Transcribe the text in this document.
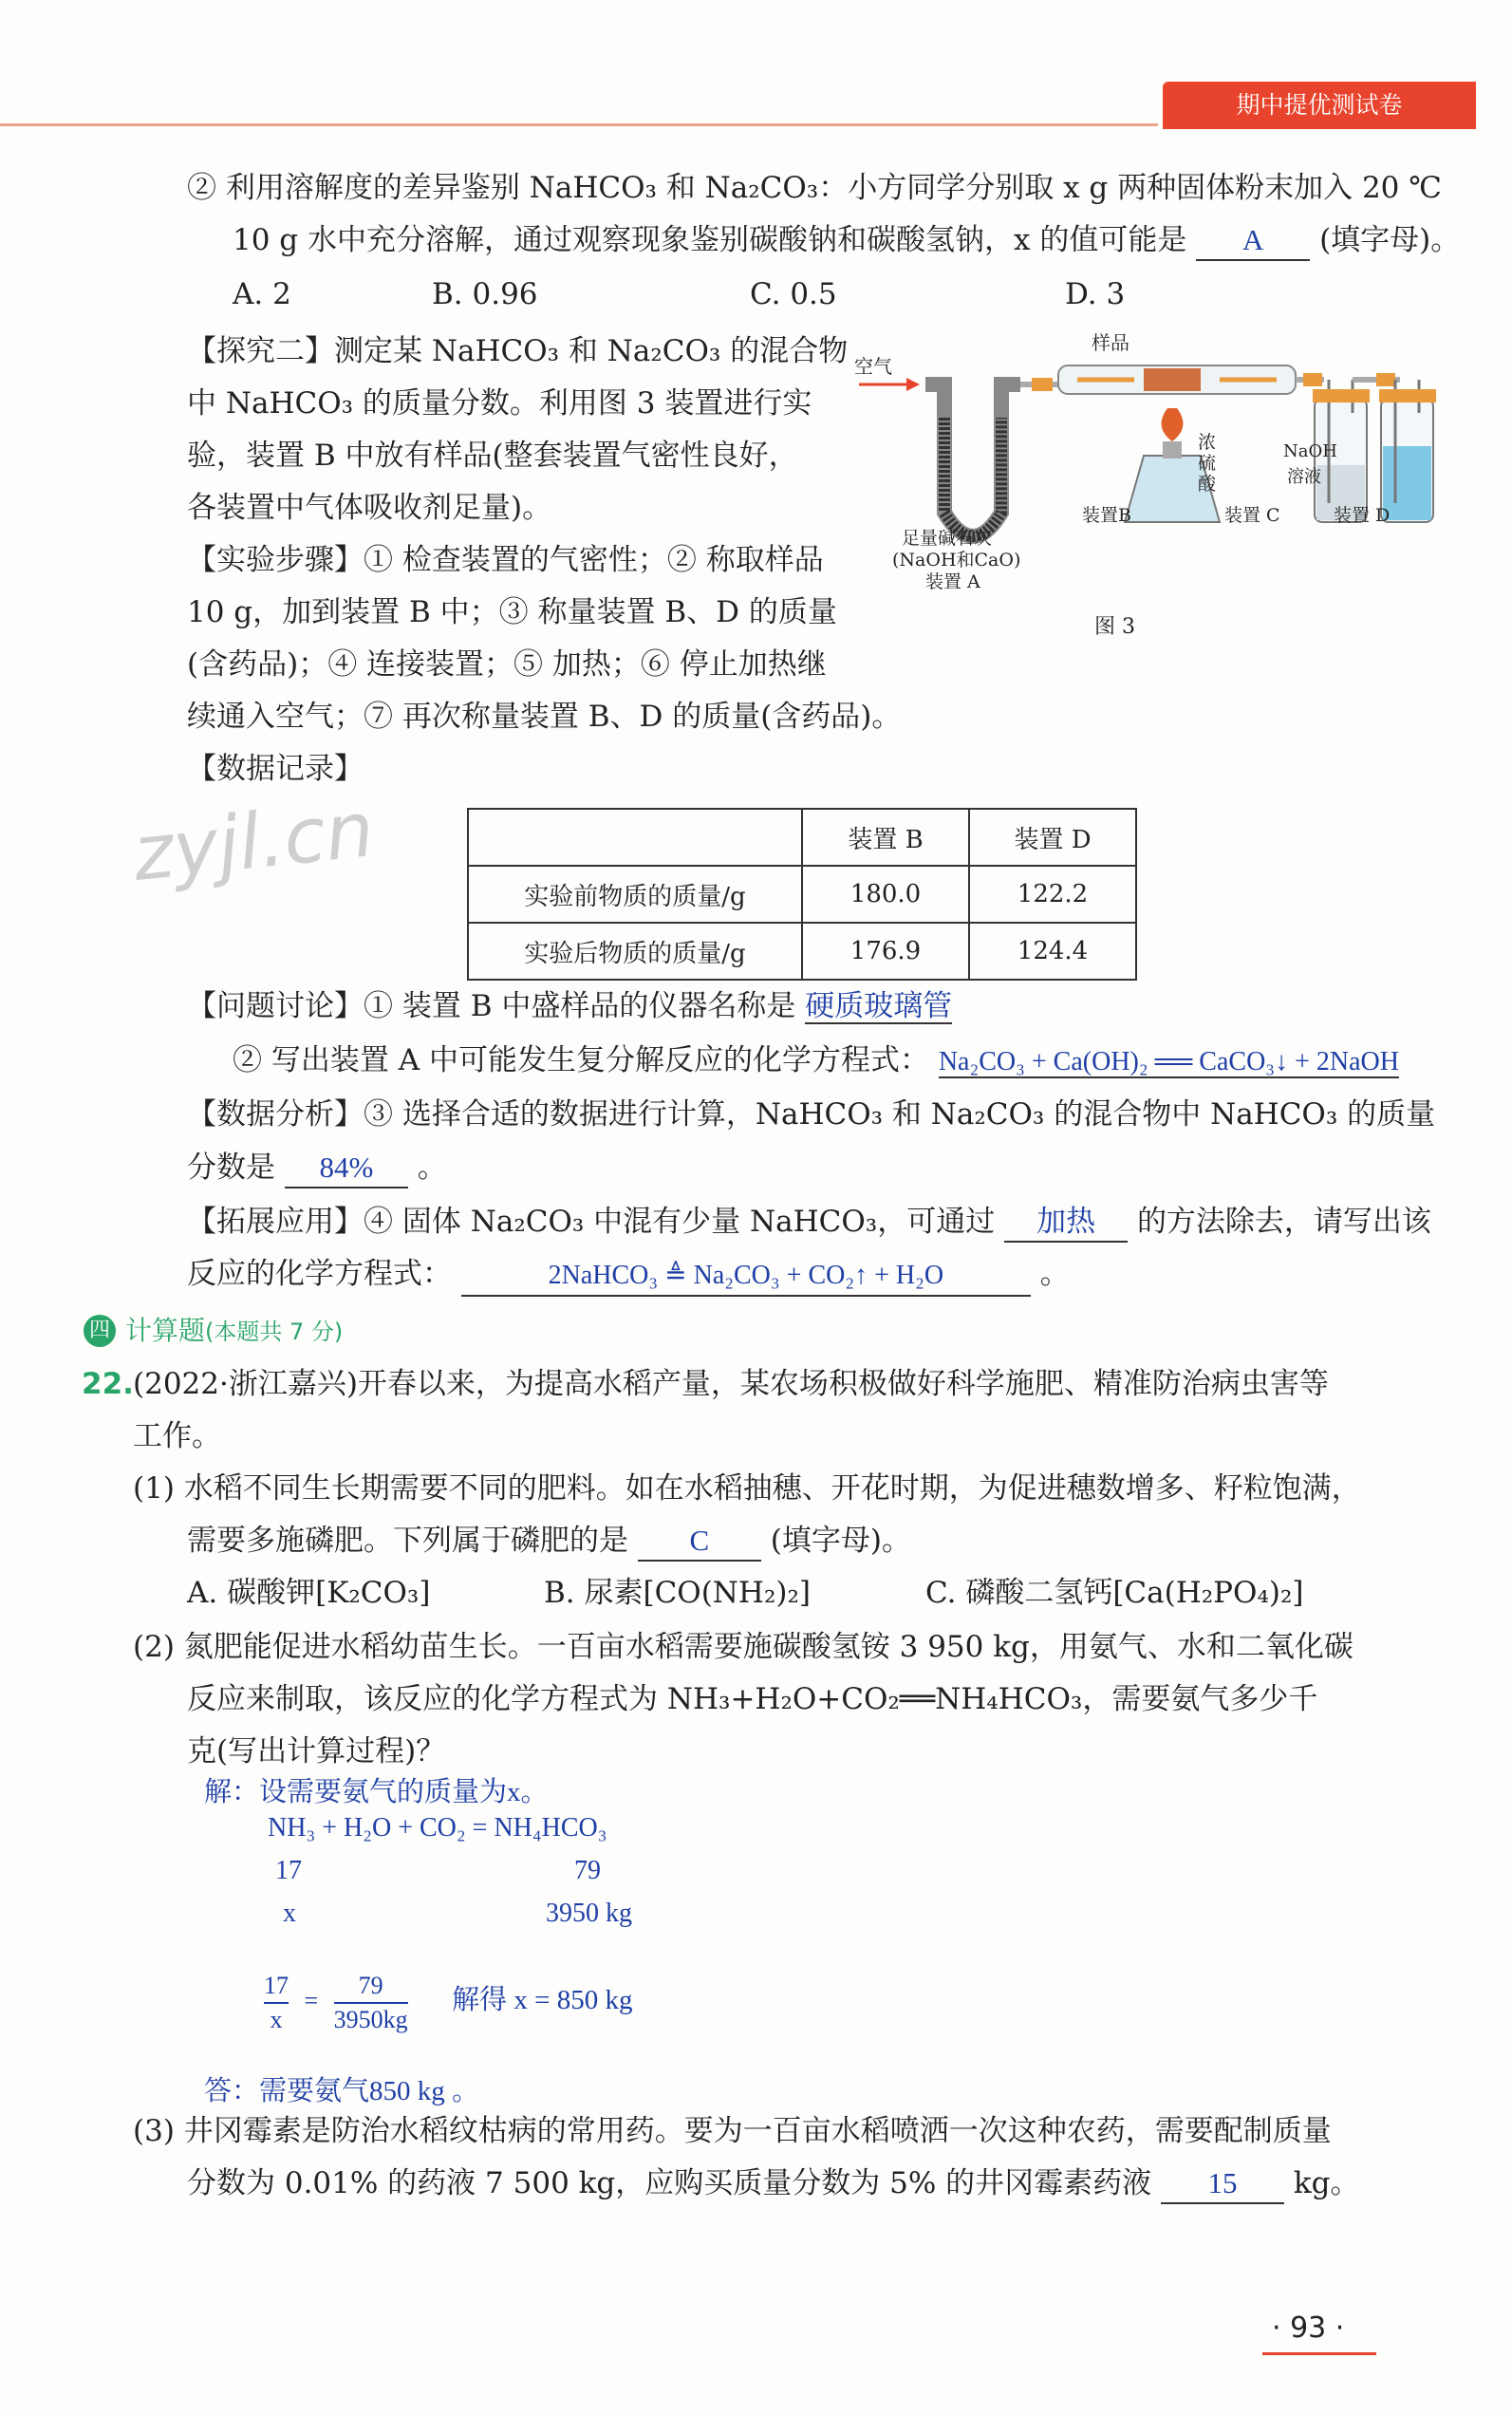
期中提优测试卷
② 利用溶解度的差异鉴别 NaHCO₃ 和 Na₂CO₃：小方同学分别取 x g 两种固体粉末加入 20 ℃
10 g 水中充分溶解，通过观察现象鉴别碳酸钠和碳酸氢钠，x 的值可能是 A (填字母)。
A. 2	B. 0.96	C. 0.5	D. 3
【探究二】测定某 NaHCO₃ 和 Na₂CO₃ 的混合物
中 NaHCO₃ 的质量分数。利用图 3 装置进行实
验，装置 B 中放有样品(整套装置气密性良好，
各装置中气体吸收剂足量)。
【实验步骤】① 检查装置的气密性；② 称取样品
10 g，加到装置 B 中；③ 称量装置 B、D 的质量
(含药品)；④ 连接装置；⑤ 加热；⑥ 停止加热继
续通入空气；⑦ 再次称量装置 B、D 的质量(含药品)。
【数据记录】
空气
样品
足量碱石灰
(NaOH和CaO)
装置 A
装置B
浓硫酸
装置 C
NaOH
溶液
装置 D
图 3
zyjl.cn
		装置 B	装置 D
实验前物质的质量/g	180.0	122.2
实验后物质的质量/g	176.9	124.4
【问题讨论】① 装置 B 中盛样品的仪器名称是 硬质玻璃管
② 写出装置 A 中可能发生复分解反应的化学方程式： Na₂CO₃ + Ca(OH)₂ ══ CaCO₃↓ + 2NaOH
【数据分析】③ 选择合适的数据进行计算，NaHCO₃ 和 Na₂CO₃ 的混合物中 NaHCO₃ 的质量
分数是 84% 。
【拓展应用】④ 固体 Na₂CO₃ 中混有少量 NaHCO₃，可通过 加热 的方法除去，请写出该
反应的化学方程式：	2NaHCO₃ ≜ Na₂CO₃ + CO₂↑ + H₂O	。
四 计算题(本题共 7 分)
22. (2022·浙江嘉兴)开春以来，为提高水稻产量，某农场积极做好科学施肥、精准防治病虫害等
工作。
(1) 水稻不同生长期需要不同的肥料。如在水稻抽穗、开花时期，为促进穗数增多、籽粒饱满，
需要多施磷肥。下列属于磷肥的是 C (填字母)。
A. 碳酸钾[K₂CO₃]	B. 尿素[CO(NH₂)₂]	C. 磷酸二氢钙[Ca(H₂PO₄)₂]
(2) 氮肥能促进水稻幼苗生长。一百亩水稻需要施碳酸氢铵 3 950 kg，用氨气、水和二氧化碳
反应来制取，该反应的化学方程式为 NH₃+H₂O+CO₂══NH₄HCO₃，需要氨气多少千
克(写出计算过程)？
解：设需要氨气的质量为x。
NH₃ + H₂O + CO₂ = NH₄HCO₃
17	79
x	3950 kg
$\frac{17}{x} = \frac{79}{3950kg}$ 解得 x = 850 kg
答：需要氨气850 kg 。
(3) 井冈霉素是防治水稻纹枯病的常用药。要为一百亩水稻喷洒一次这种农药，需要配制质量
分数为 0.01% 的药液 7 500 kg，应购买质量分数为 5% 的井冈霉素药液 15 kg。
· 93 ·
